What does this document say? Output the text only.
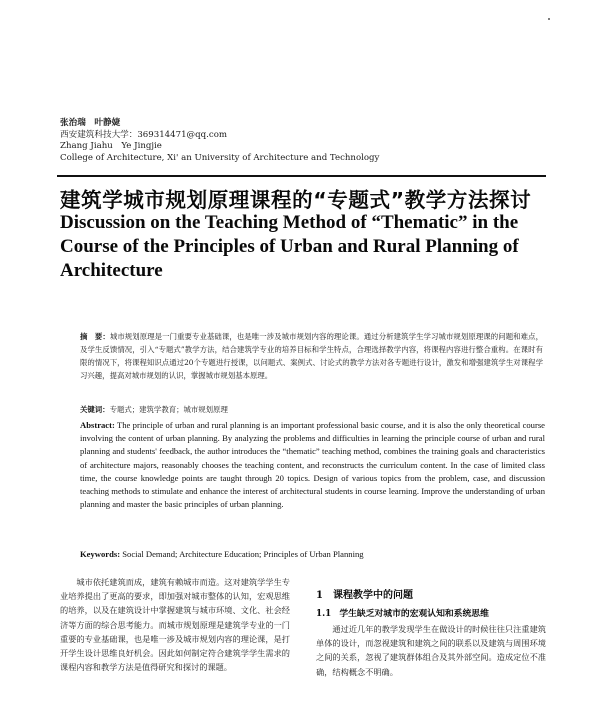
张治瑞　叶静婕
西安建筑科技大学：369314471@qq.com
Zhang Jiahu　Ye Jingjie
College of Architecture, Xi' an University of Architecture and Technology
建筑学城市规划原理课程的“专题式”教学方法探讨
Discussion on the Teaching Method of “Thematic” in the Course of the Principles of Urban and Rural Planning of Architecture
摘　要：城市规划原理是一门重要专业基础课，也是唯一涉及城市规划内容的理论课。通过分析建筑学生学习城市规划原理课的问题和难点，及学生反馈情况，引入“专题式”教学方法，结合建筑学专业的培养目标和学生特点，合理选择教学内容，将课程内容进行整合重构。在课时有限的情况下，将课程知识点通过20个专题进行授课，以问题式、案例式、讨论式的教学方法对各专题进行设计，激发和增强建筑学生对课程学习兴趣，提高对城市规划的认识，掌握城市规划基本原理。
关键词：专题式；建筑学教育；城市规划原理
Abstract: The principle of urban and rural planning is an important professional basic course, and it is also the only theoretical course involving the content of urban planning. By analyzing the problems and difficulties in learning the principle course of urban and rural planning and students' feedback, the author introduces the “thematic” teaching method, combines the training goals and characteristics of architecture majors, reasonably chooses the teaching content, and reconstructs the curriculum content. In the case of limited class time, the course knowledge points are taught through 20 topics. Design of various topics from the problem, case, and discussion teaching methods to stimulate and enhance the interest of architectural students in course learning. Improve the understanding of urban planning and master the basic principles of urban planning.
Keywords: Social Demand; Architecture Education; Principles of Urban Planning
城市依托建筑而成，建筑有赖城市而造。这对建筑学学生专业培养提出了更高的要求，即加强对城市整体的认知，宏观思维的培养，以及在建筑设计中掌握建筑与城市环境、文化、社会经济等方面的综合思考能力。而城市规划原理是建筑学专业的一门重要的专业基础课，也是唯一涉及城市规划内容的理论课，是打开学生设计思维良好机会。因此如何制定符合建筑学学生需求的课程内容和教学方法是值得研究和探讨的课题。
1 课程教学中的问题
1.1 学生缺乏对城市的宏观认知和系统思维
通过近几年的教学发现学生在做设计的时候往往只注重建筑单体的设计，而忽视建筑和建筑之间的联系以及建筑与周围环境之间的关系，忽视了建筑群体组合及其外部空间。造成定位不准确，结构概念不明确。
